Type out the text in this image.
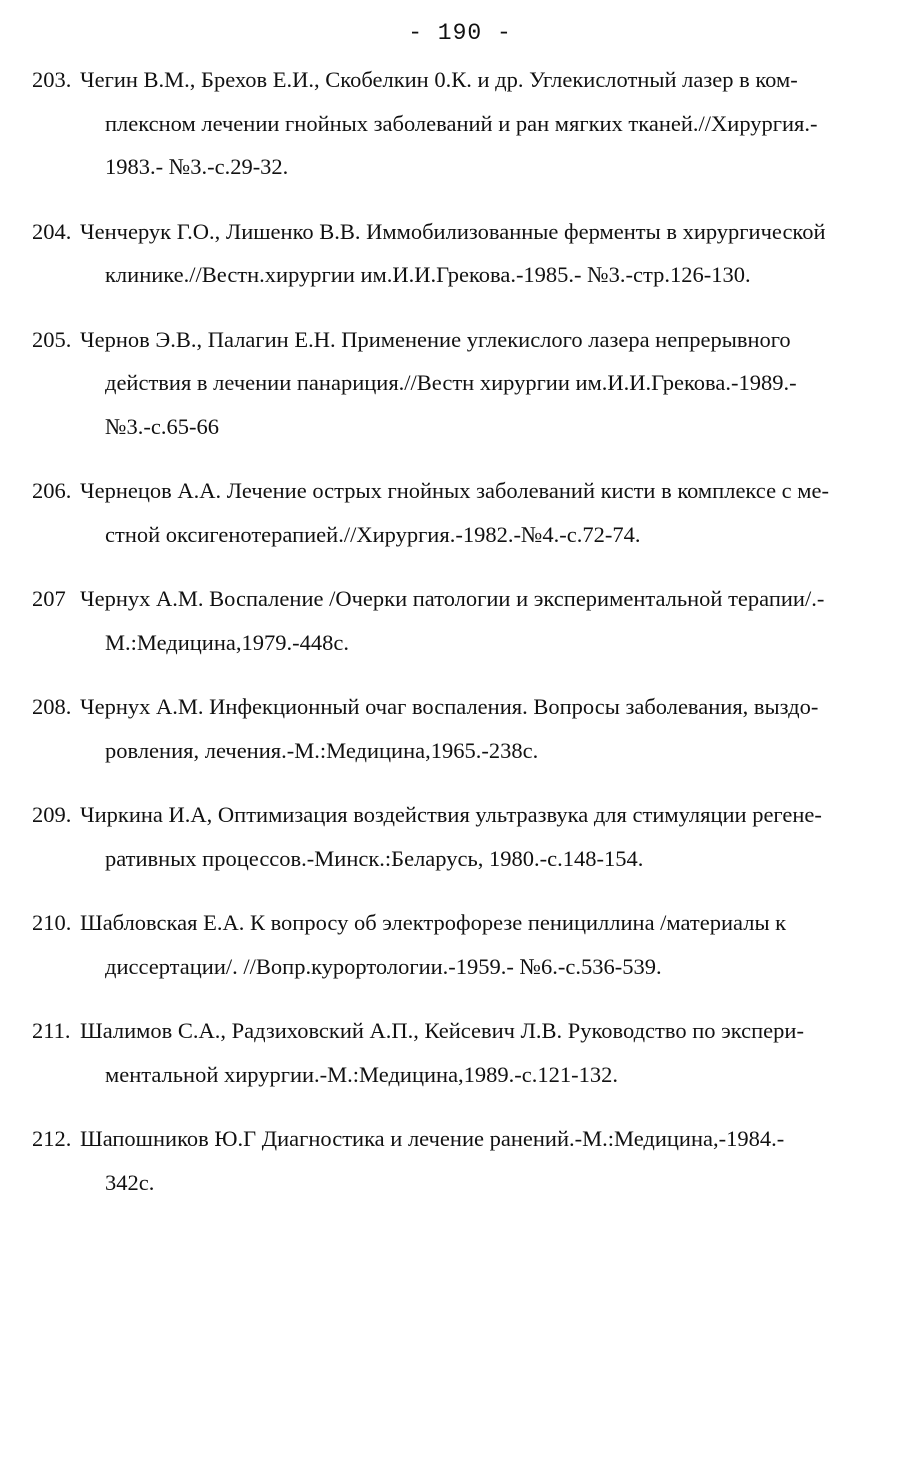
- 190 -
203. Чегин В.М., Брехов Е.И., Скобелкин 0.К. и др. Углекислотный лазер в ком-
плексном лечении гнойных заболеваний и ран мягких тканей.//Хирургия.-
1983.- №3.-с.29-32.
204. Ченчерук Г.О., Лишенко В.В. Иммобилизованные ферменты в хирургической
клинике.//Вестн.хирургии им.И.И.Грекова.-1985.- №3.-стр.126-130.
205. Чернов Э.В., Палагин Е.Н. Применение углекислого лазера непрерывного
действия в лечении панариция.//Вестн хирургии им.И.И.Грекова.-1989.-
№3.-с.65-66
206. Чернецов А.А. Лечение острых гнойных заболеваний кисти в комплексе с ме-
стной оксигенотерапией.//Хирургия.-1982.-№4.-с.72-74.
207 Чернух А.М. Воспаление /Очерки патологии и экспериментальной терапии/.-
М.:Медицина,1979.-448с.
208. Чернух А.М. Инфекционный очаг воспаления. Вопросы заболевания, выздо-
ровления, лечения.-М.:Медицина,1965.-238с.
209. Чиркина И.А, Оптимизация воздействия ультразвука для стимуляции регене-
ративных процессов.-Минск.:Беларусь, 1980.-с.148-154.
210. Шабловская Е.А. К вопросу об электрофорезе пенициллина /материалы к
диссертации/. //Вопр.курортологии.-1959.- №6.-с.536-539.
211. Шалимов С.А., Радзиховский А.П., Кейсевич Л.В. Руководство по экспери-
ментальной хирургии.-М.:Медицина,1989.-с.121-132.
212. Шапошников Ю.Г Диагностика и лечение ранений.-М.:Медицина,-1984.-
342с.
